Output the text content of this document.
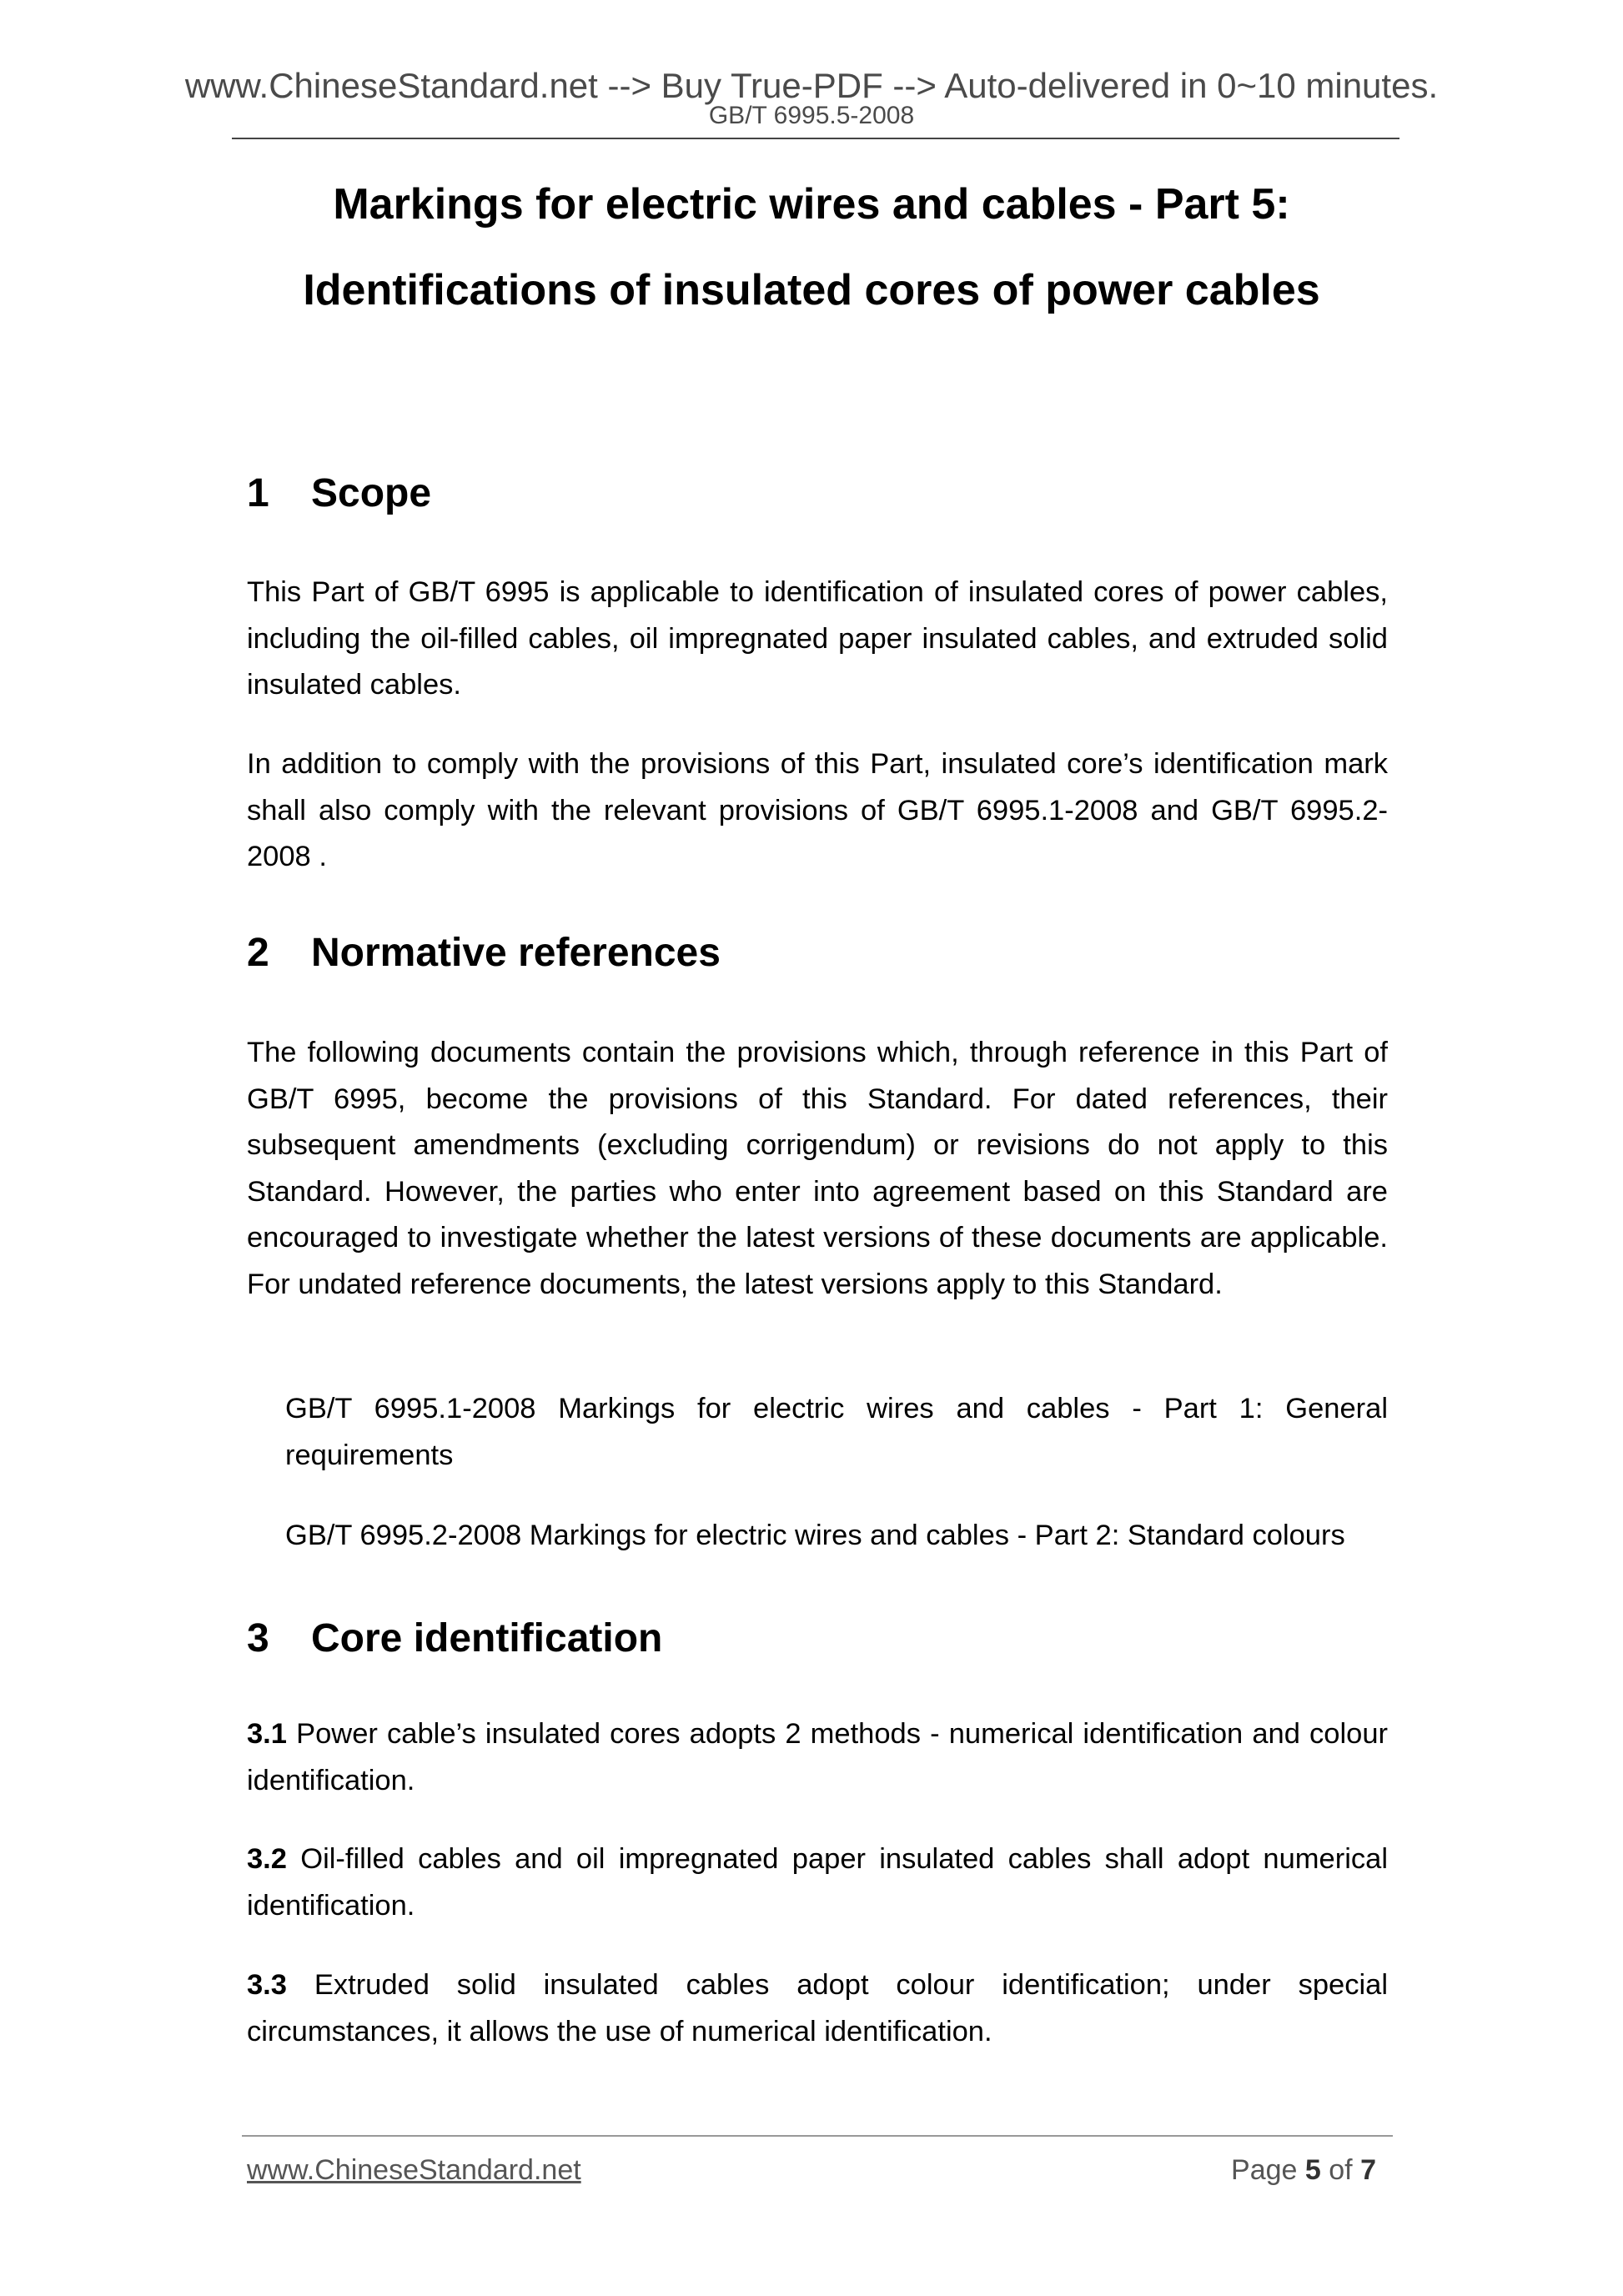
www.ChineseStandard.net --> Buy True-PDF --> Auto-delivered in 0~10 minutes.
GB/T 6995.5-2008
Markings for electric wires and cables - Part 5:
Identifications of insulated cores of power cables
1 Scope
This Part of GB/T 6995 is applicable to identification of insulated cores of power cables, including the oil-filled cables, oil impregnated paper insulated cables, and extruded solid insulated cables.
In addition to comply with the provisions of this Part, insulated core’s identification mark shall also comply with the relevant provisions of GB/T 6995.1-2008 and GB/T 6995.2-2008 .
2 Normative references
The following documents contain the provisions which, through reference in this Part of GB/T 6995, become the provisions of this Standard. For dated references, their subsequent amendments (excluding corrigendum) or revisions do not apply to this Standard. However, the parties who enter into agreement based on this Standard are encouraged to investigate whether the latest versions of these documents are applicable. For undated reference documents, the latest versions apply to this Standard.
GB/T 6995.1-2008 Markings for electric wires and cables - Part 1: General requirements
GB/T 6995.2-2008 Markings for electric wires and cables - Part 2: Standard colours
3 Core identification
3.1 Power cable’s insulated cores adopts 2 methods - numerical identification and colour identification.
3.2 Oil-filled cables and oil impregnated paper insulated cables shall adopt numerical identification.
3.3 Extruded solid insulated cables adopt colour identification; under special circumstances, it allows the use of numerical identification.
www.ChineseStandard.net	Page 5 of 7
